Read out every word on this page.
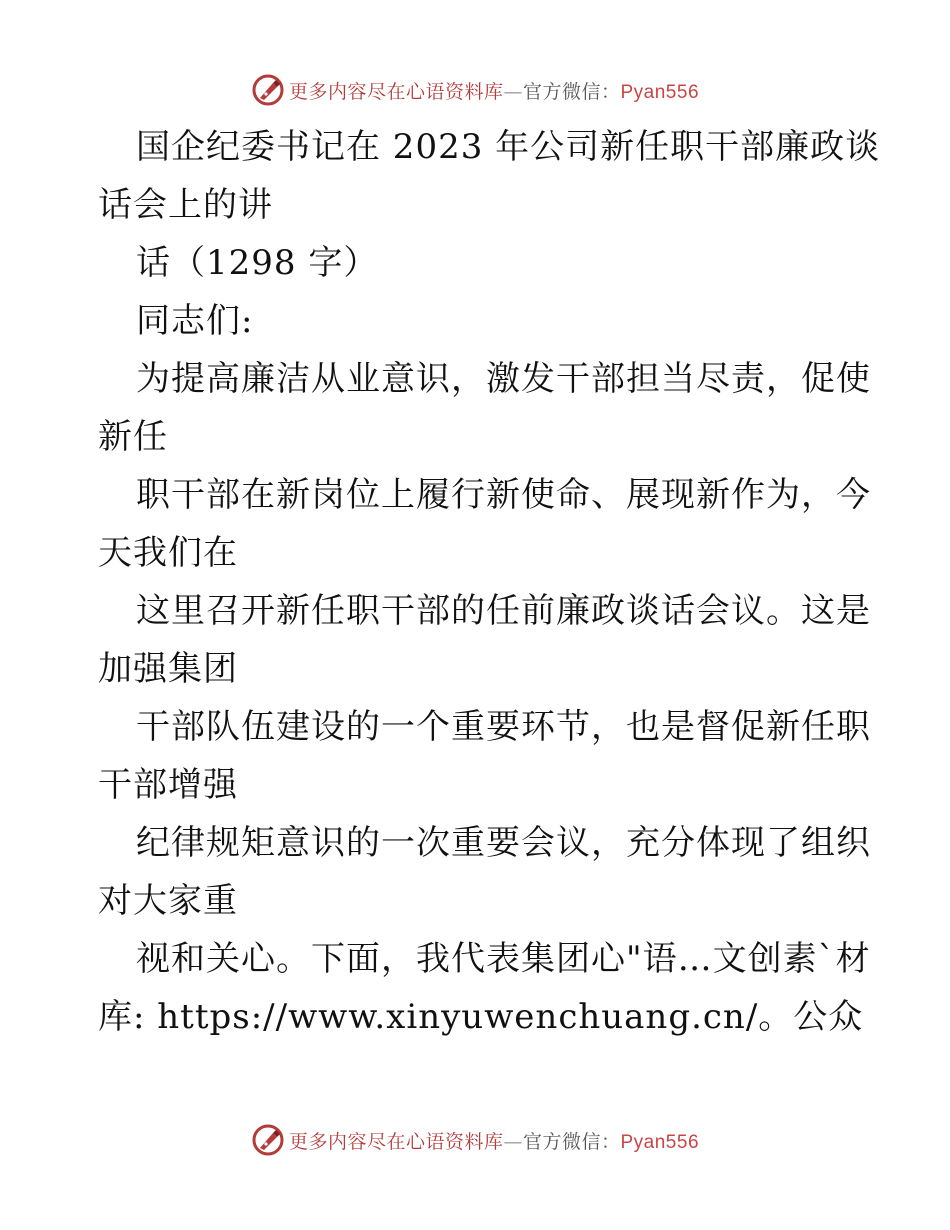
更多内容尽在心语资料库—官方微信：Pyan556
国企纪委书记在 2023 年公司新任职干部廉政谈
话会上的讲
话（1298 字）
同志们:
为提高廉洁从业意识，激发干部担当尽责，促使
新任
职干部在新岗位上履行新使命、展现新作为，今
天我们在
这里召开新任职干部的任前廉政谈话会议。这是
加强集团
干部队伍建设的一个重要环节，也是督促新任职
干部增强
纪律规矩意识的一次重要会议，充分体现了组织
对大家重
视和关心。下面，我代表集团心"语…文创素`材
库: https://www.xinyuwenchuang.cn/。公众
更多内容尽在心语资料库—官方微信：Pyan556
